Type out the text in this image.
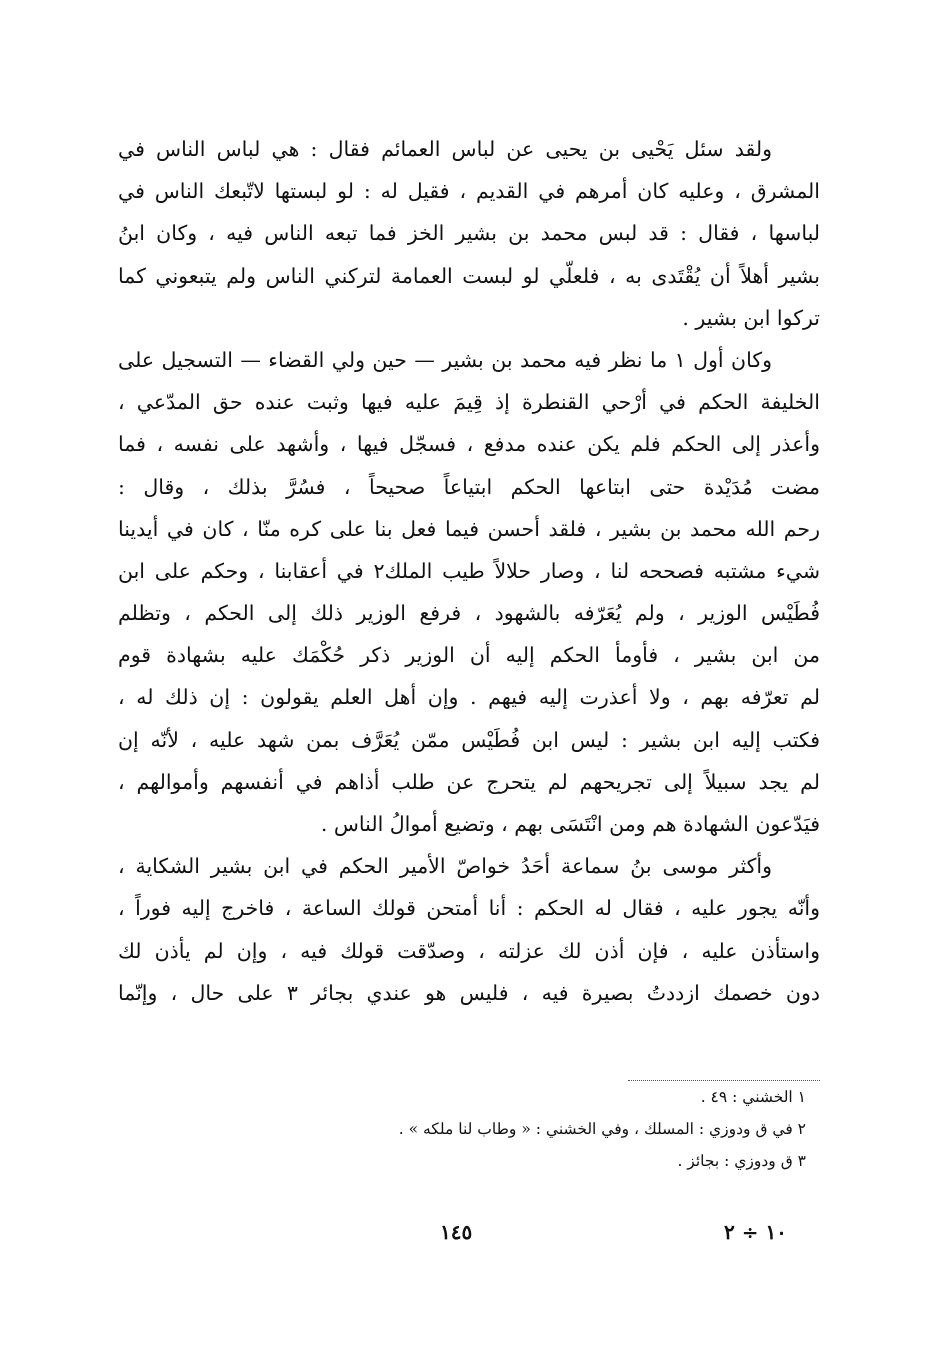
ولقد سئل يَحْيى بن يحيى عن لباس العمائم فقال : هي لباس الناس في
المشرق ، وعليه كان أمرهم في القديم ، فقيل له : لو لبستها لاتّبعك الناس في
لباسها ، فقال : قد لبس محمد بن بشير الخز فما تبعه الناس فيه ، وكان ابنُ
بشير أهلاً أن يُقْتَدى به ، فلعلّي لو لبست العمامة لتركني الناس ولم يتبعوني كما
تركوا ابن بشير .
وكان أول ١ ما نظر فيه محمد بن بشير — حين ولي القضاء — التسجيل على
الخليفة الحكم في أرْحي القنطرة إذ قِيمَ عليه فيها وثبت عنده حق المدّعي ،
وأعذر إلى الحكم فلم يكن عنده مدفع ، فسجّل فيها ، وأشهد على نفسه ، فما
مضت مُدَيْدة حتى ابتاعها الحكم ابتياعاً صحيحاً ، فسُرَّ بذلك ، وقال :
رحم الله محمد بن بشير ، فلقد أحسن فيما فعل بنا على كره منّا ، كان في أيدينا
شيء مشتبه فصححه لنا ، وصار حلالاً طيب الملك٢ في أعقابنا ، وحكم على ابن
فُطَيْس الوزير ، ولم يُعَرّفه بالشهود ، فرفع الوزير ذلك إلى الحكم ، وتظلم
من ابن بشير ، فأومأ الحكم إليه أن الوزير ذكر حُكْمَك عليه بشهادة قوم
لم تعرّفه بهم ، ولا أعذرت إليه فيهم . وإن أهل العلم يقولون : إن ذلك له ،
فكتب إليه ابن بشير : ليس ابن فُطَيْس ممّن يُعَرَّف بمن شهد عليه ، لأنّه إن
لم يجد سبيلاً إلى تجريحهم لم يتحرج عن طلب أذاهم في أنفسهم وأموالهم ،
فيَدّعون الشهادة هم ومن انْتَسَى بهم ، وتضيع أموالُ الناس .
وأكثر موسى بنُ سماعة أحَدُ خواصّ الأمير الحكم في ابن بشير الشكاية ،
وأنّه يجور عليه ، فقال له الحكم : أنا أمتحن قولك الساعة ، فاخرج إليه فوراً ،
واستأذن عليه ، فإن أذن لك عزلته ، وصدّقت قولك فيه ، وإن لم يأذن لك
دون خصمك ازددتُ بصيرة فيه ، فليس هو عندي بجائر ٣ على حال ، وإنّما
١ الخشني : ٤٩ .
٢ في ق ودوزي : المسلك ، وفي الخشني : « وطاب لنا ملكه » .
٣ ق ودوزي : بجائز .
١٤٥	١٠ ÷ ٢
